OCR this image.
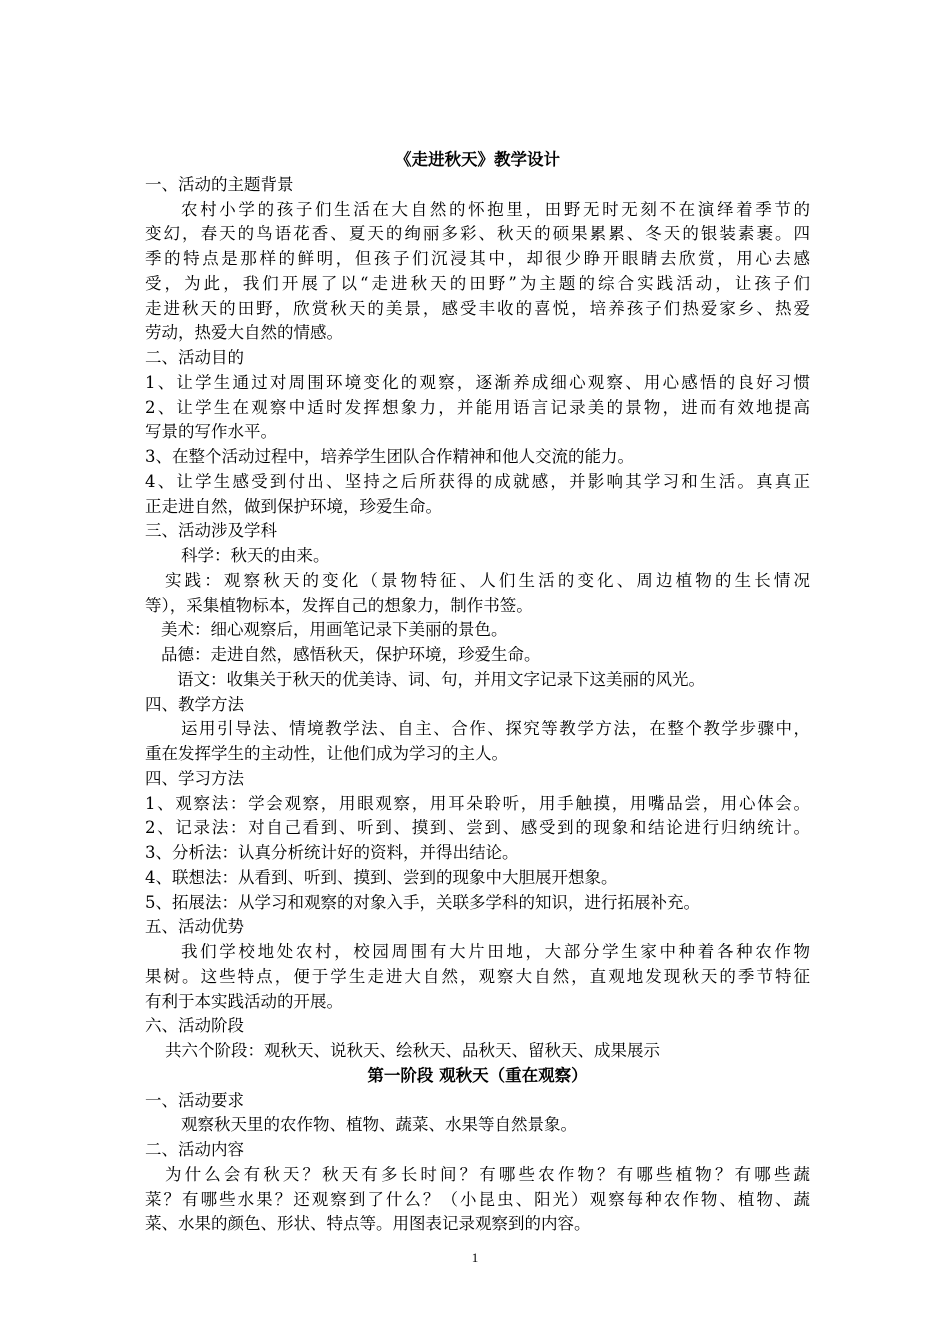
《走进秋天》教学设计
一、活动的主题背景
农村小学的孩子们生活在大自然的怀抱里，田野无时无刻不在演绎着季节的
变幻，春天的鸟语花香、夏天的绚丽多彩、秋天的硕果累累、冬天的银装素裹。四
季的特点是那样的鲜明，但孩子们沉浸其中，却很少睁开眼睛去欣赏，用心去感
受，为此，我们开展了以“走进秋天的田野”为主题的综合实践活动，让孩子们
走进秋天的田野，欣赏秋天的美景，感受丰收的喜悦，培养孩子们热爱家乡、热爱
劳动，热爱大自然的情感。
二、活动目的
1、让学生通过对周围环境变化的观察，逐渐养成细心观察、用心感悟的良好习惯
2、让学生在观察中适时发挥想象力，并能用语言记录美的景物，进而有效地提高
写景的写作水平。
3、在整个活动过程中，培养学生团队合作精神和他人交流的能力。
4、让学生感受到付出、坚持之后所获得的成就感，并影响其学习和生活。真真正
正走进自然，做到保护环境，珍爱生命。
三、活动涉及学科
科学：秋天的由来。
实践：观察秋天的变化（景物特征、人们生活的变化、周边植物的生长情况
等），采集植物标本，发挥自己的想象力，制作书签。
美术：细心观察后，用画笔记录下美丽的景色。
品德：走进自然，感悟秋天，保护环境，珍爱生命。
语文：收集关于秋天的优美诗、词、句，并用文字记录下这美丽的风光。
四、教学方法
运用引导法、情境教学法、自主、合作、探究等教学方法，在整个教学步骤中，
重在发挥学生的主动性，让他们成为学习的主人。
四、学习方法
1、观察法：学会观察，用眼观察，用耳朵聆听，用手触摸，用嘴品尝，用心体会。
2、记录法：对自己看到、听到、摸到、尝到、感受到的现象和结论进行归纳统计。
3、分析法：认真分析统计好的资料，并得出结论。
4、联想法：从看到、听到、摸到、尝到的现象中大胆展开想象。
5、拓展法：从学习和观察的对象入手，关联多学科的知识，进行拓展补充。
五、活动优势
我们学校地处农村，校园周围有大片田地，大部分学生家中种着各种农作物
果树。这些特点，便于学生走进大自然，观察大自然，直观地发现秋天的季节特征
有利于本实践活动的开展。
六、活动阶段
共六个阶段：观秋天、说秋天、绘秋天、品秋天、留秋天、成果展示
第一阶段 观秋天（重在观察）
一、活动要求
观察秋天里的农作物、植物、蔬菜、水果等自然景象。
二、活动内容
为什么会有秋天？秋天有多长时间？有哪些农作物？有哪些植物？有哪些蔬
菜？有哪些水果？还观察到了什么？（小昆虫、阳光）观察每种农作物、植物、蔬
菜、水果的颜色、形状、特点等。用图表记录观察到的内容。
1
